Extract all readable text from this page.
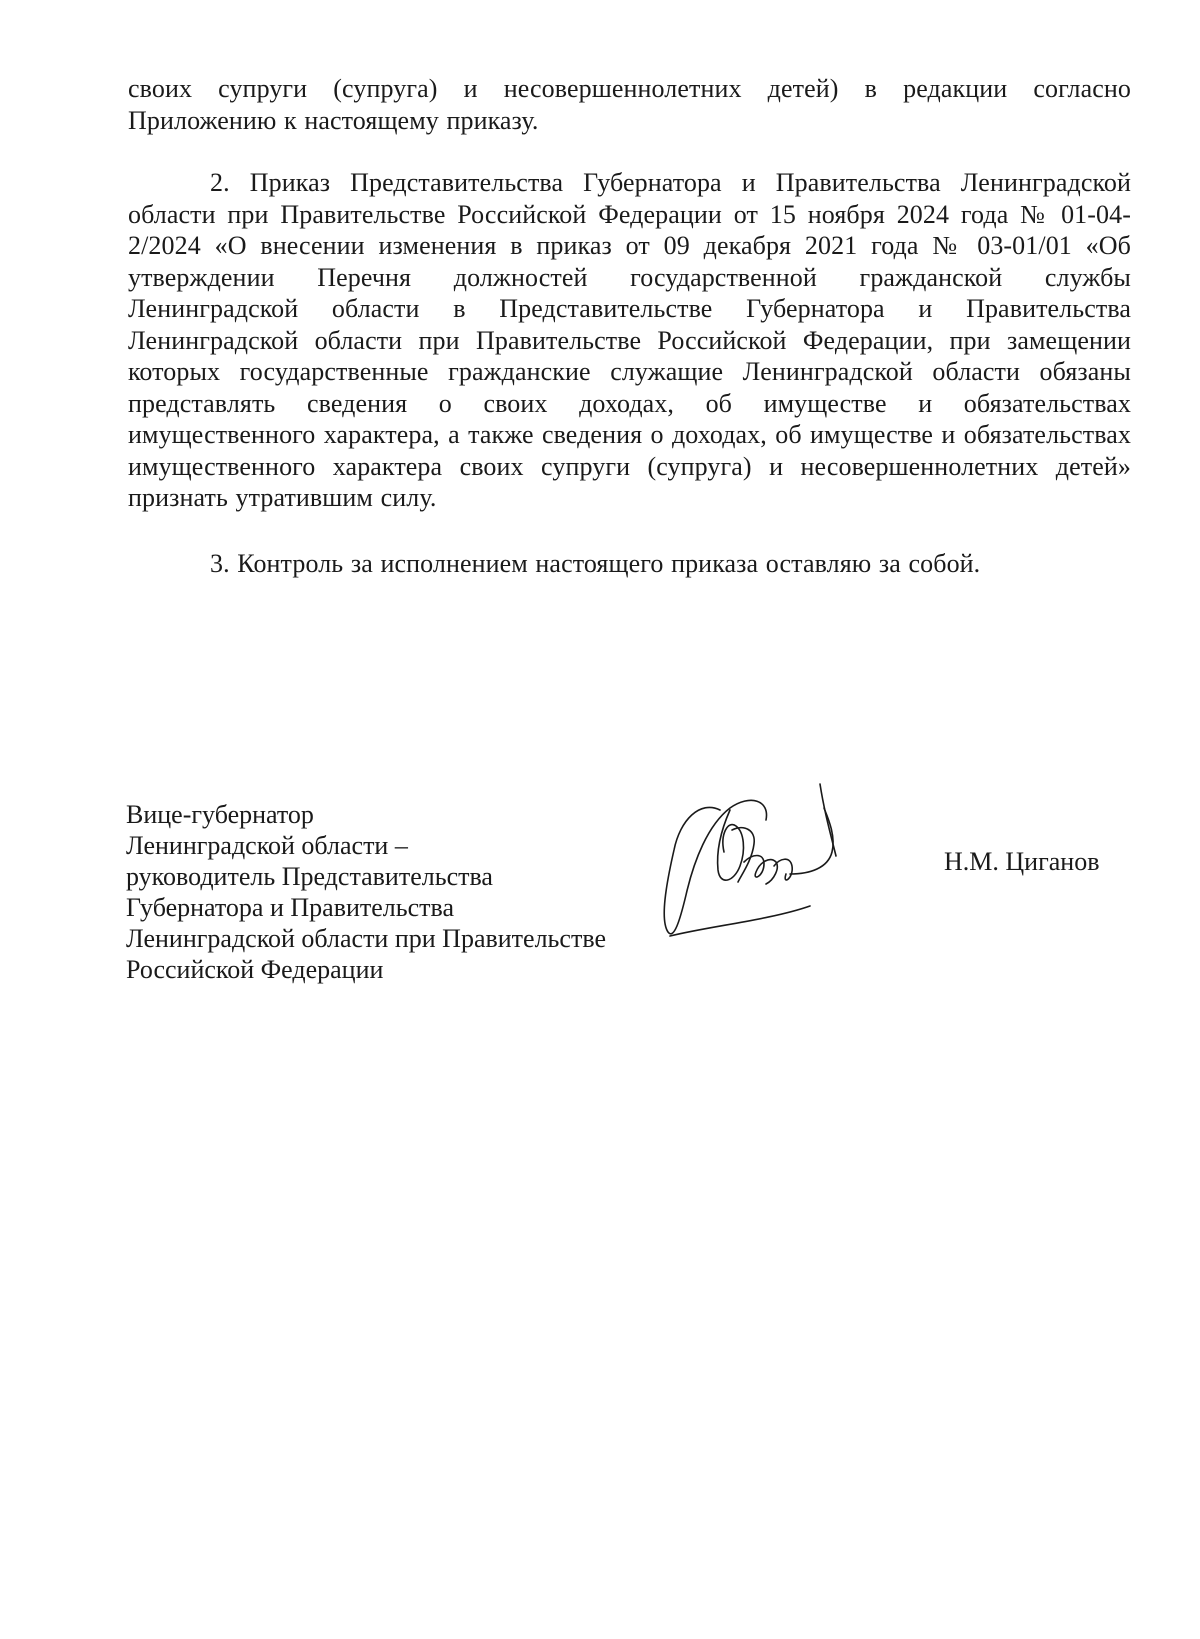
своих супруги (супруга) и несовершеннолетних детей) в редакции согласно Приложению к настоящему приказу.

2. Приказ Представительства Губернатора и Правительства Ленинградской области при Правительстве Российской Федерации от 15 ноября 2024 года № 01-04-2/2024 «О внесении изменения в приказ от 09 декабря 2021 года № 03-01/01 «Об утверждении Перечня должностей государственной гражданской службы Ленинградской области в Представительстве Губернатора и Правительства Ленинградской области при Правительстве Российской Федерации, при замещении которых государственные гражданские служащие Ленинградской области обязаны представлять сведения о своих доходах, об имуществе и обязательствах имущественного характера, а также сведения о доходах, об имуществе и обязательствах имущественного характера своих супруги (супруга) и несовершеннолетних детей» признать утратившим силу.

3. Контроль за исполнением настоящего приказа оставляю за собой.

Вице-губернатор
Ленинградской области –
руководитель Представительства
Губернатора и Правительства
Ленинградской области при Правительстве
Российской Федерации
Н.М. Циганов
